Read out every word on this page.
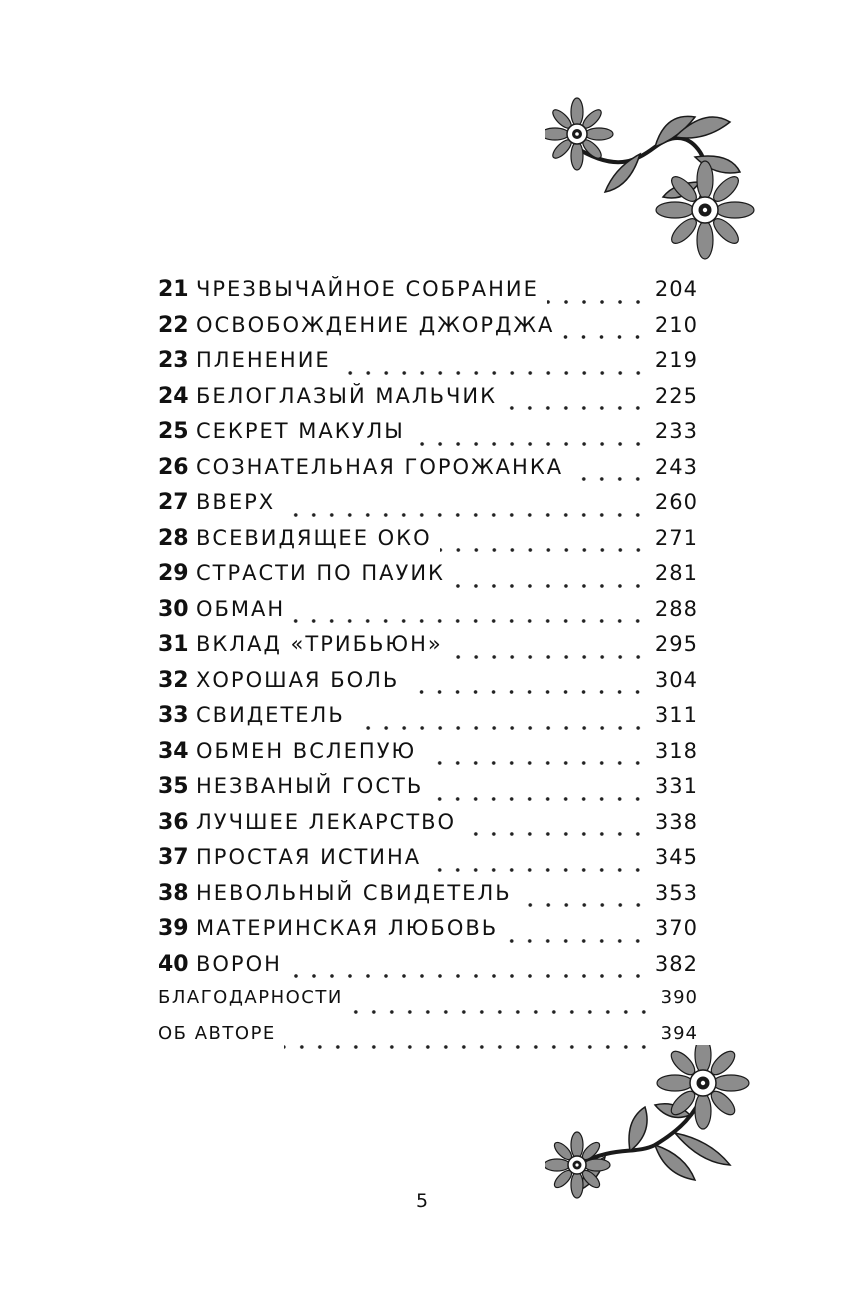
21 ЧРЕЗВЫЧАЙНОЕ СОБРАНИЕ	204
22 ОСВОБОЖДЕНИЕ ДЖОРДЖА	210
23 ПЛЕНЕНИЕ	219
24 БЕЛОГЛАЗЫЙ МАЛЬЧИК	225
25 СЕКРЕТ МАКУЛЫ	233
26 СОЗНАТЕЛЬНАЯ ГОРОЖАНКА	243
27 ВВЕРХ	260
28 ВСЕВИДЯЩЕЕ ОКО	271
29 СТРАСТИ ПО ПАУИК	281
30 ОБМАН	288
31 ВКЛАД «ТРИБЬЮН»	295
32 ХОРОШАЯ БОЛЬ	304
33 СВИДЕТЕЛЬ	311
34 ОБМЕН ВСЛЕПУЮ	318
35 НЕЗВАНЫЙ ГОСТЬ	331
36 ЛУЧШЕЕ ЛЕКАРСТВО	338
37 ПРОСТАЯ ИСТИНА	345
38 НЕВОЛЬНЫЙ СВИДЕТЕЛЬ	353
39 МАТЕРИНСКАЯ ЛЮБОВЬ	370
40 ВОРОН	382
БЛАГОДАРНОСТИ	390
ОБ АВТОРЕ	394
5
